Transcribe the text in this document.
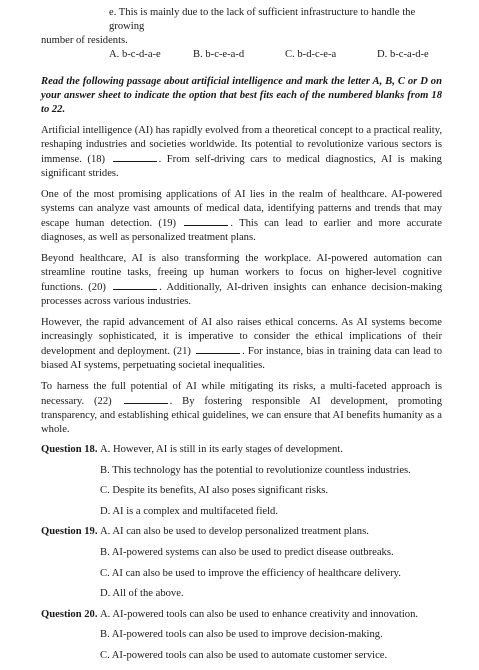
e. This is mainly due to the lack of sufficient infrastructure to handle the growing
number of residents.
A. b-c-d-a-e	B. b-c-e-a-d	C. b-d-c-e-a	D. b-c-a-d-e
Read the following passage about artificial intelligence and mark the letter A, B, C or D on your answer sheet to indicate the option that best fits each of the numbered blanks from 18 to 22.

Artificial intelligence (AI) has rapidly evolved from a theoretical concept to a practical reality, reshaping industries and societies worldwide. Its potential to revolutionize various sectors is immense. (18)	. From self-driving cars to medical diagnostics, AI is making significant strides.

One of the most promising applications of AI lies in the realm of healthcare. AI-powered systems can analyze vast amounts of medical data, identifying patterns and trends that may escape human detection. (19)	. This can lead to earlier and more accurate diagnoses, as well as personalized treatment plans.

Beyond healthcare, AI is also transforming the workplace. AI-powered automation can streamline routine tasks, freeing up human workers to focus on higher-level cognitive functions. (20)	. Additionally, AI-driven insights can enhance decision-making processes across various industries.

However, the rapid advancement of AI also raises ethical concerns. As AI systems become increasingly sophisticated, it is imperative to consider the ethical implications of their development and deployment. (21)	. For instance, bias in training data can lead to biased AI systems, perpetuating societal inequalities.

To harness the full potential of AI while mitigating its risks, a multi-faceted approach is necessary. (22)	. By fostering responsible AI development, promoting transparency, and establishing ethical guidelines, we can ensure that AI benefits humanity as a whole.

Question 18. A. However, AI is still in its early stages of development.
B. This technology has the potential to revolutionize countless industries.
C. Despite its benefits, AI also poses significant risks.
D. AI is a complex and multifaceted field.
Question 19. A. AI can also be used to develop personalized treatment plans.
B. AI-powered systems can also be used to predict disease outbreaks.
C. AI can also be used to improve the efficiency of healthcare delivery.
D. All of the above.
Question 20. A. AI-powered tools can also be used to enhance creativity and innovation.
B. AI-powered tools can also be used to improve decision-making.
C. AI-powered tools can also be used to automate customer service.
